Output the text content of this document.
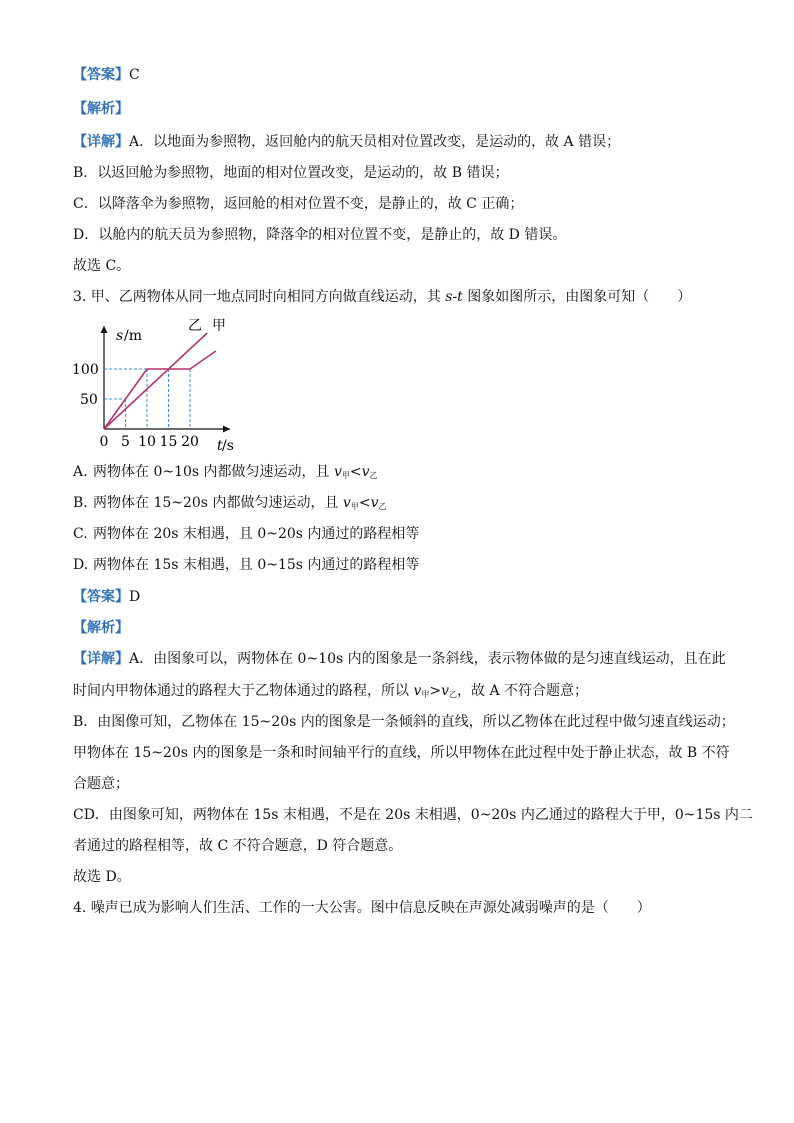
【答案】C
【解析】
【详解】A．以地面为参照物，返回舱内的航天员相对位置改变，是运动的，故 A 错误；
B．以返回舱为参照物，地面的相对位置改变，是运动的，故 B 错误；
C．以降落伞为参照物，返回舱的相对位置不变，是静止的，故 C 正确；
D．以舱内的航天员为参照物，降落伞的相对位置不变，是静止的，故 D 错误。
故选 C。
3. 甲、乙两物体从同一地点同时向相同方向做直线运动，其 s-t 图象如图所示，由图象可知（　　）
乙 甲
s /m
100
50
0 5 10 15 20 t /s
A. 两物体在 0~10s 内都做匀速运动，且 $v_甲<v_乙$
B. 两物体在 15~20s 内都做匀速运动，且 $v_甲<v_乙$
C. 两物体在 20s 末相遇，且 0~20s 内通过的路程相等
D. 两物体在 15s 末相遇，且 0~15s 内通过的路程相等
【答案】D
【解析】
【详解】A．由图象可以，两物体在 0~10s 内的图象是一条斜线，表示物体做的是匀速直线运动，且在此
时间内甲物体通过的路程大于乙物体通过的路程，所以 $v_甲>v_乙$，故 A 不符合题意；
B．由图像可知，乙物体在 15~20s 内的图象是一条倾斜的直线，所以乙物体在此过程中做匀速直线运动；
甲物体在 15~20s 内的图象是一条和时间轴平行的直线，所以甲物体在此过程中处于静止状态，故 B 不符
合题意；
CD．由图象可知，两物体在 15s 末相遇，不是在 20s 末相遇，0~20s 内乙通过的路程大于甲，0~15s 内二
者通过的路程相等，故 C 不符合题意，D 符合题意。
故选 D。
4. 噪声已成为影响人们生活、工作的一大公害。图中信息反映在声源处减弱噪声的是（　　）
